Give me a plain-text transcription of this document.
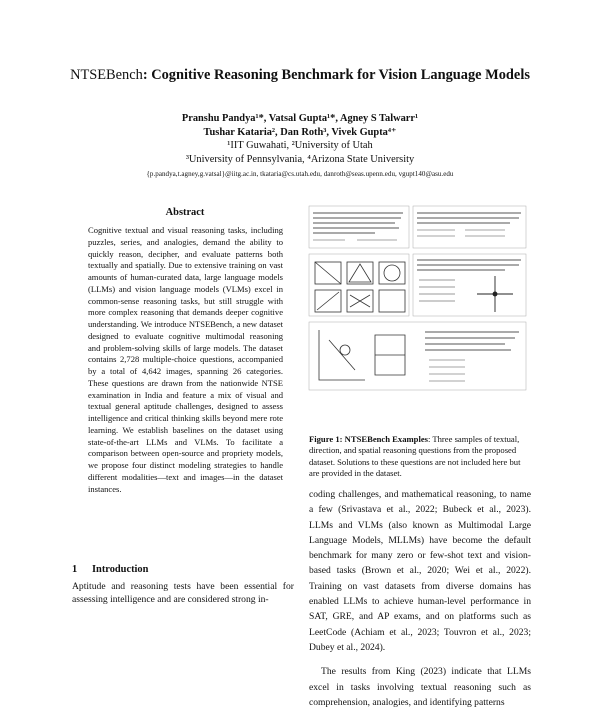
NTSEBench: Cognitive Reasoning Benchmark for Vision Language Models
Pranshu Pandya¹*, Vatsal Gupta¹*, Agney S Talwarr¹
Tushar Kataria², Dan Roth³, Vivek Gupta⁴⁺
¹IIT Guwahati, ²University of Utah
³University of Pennsylvania, ⁴Arizona State University
{p.pandya,t.agney,g.vatsal}@iitg.ac.in, tkataria@cs.utah.edu, danroth@seas.upenn.edu, vgupt140@asu.edu
Abstract

Cognitive textual and visual reasoning tasks, including puzzles, series, and analogies, demand the ability to quickly reason, decipher, and evaluate patterns both textually and spatially. Due to extensive training on vast amounts of human-curated data, large language models (LLMs) and vision language models (VLMs) excel in common-sense reasoning tasks, but still struggle with more complex reasoning that demands deeper cognitive understanding. We introduce NTSEBench, a new dataset designed to evaluate cognitive multimodal reasoning and problem-solving skills of large models. The dataset contains 2,728 multiple-choice questions, accompanied by a total of 4,642 images, spanning 26 categories. These questions are drawn from the nationwide NTSE examination in India and feature a mix of visual and textual general aptitude challenges, designed to assess intelligence and critical thinking skills beyond mere rote learning. We establish baselines on the dataset using state-of-the-art LLMs and VLMs. To facilitate a comparison between open-source and propriety models, we propose four distinct modeling strategies to handle different modalities—text and images—in the dataset instances.

1 Introduction

Aptitude and reasoning tests have been essential for assessing intelligence and are considered strong in-

Figure 1: NTSEBench Examples: Three samples of textual, direction, and spatial reasoning questions from the proposed dataset. Solutions to these questions are not included here but are provided in the dataset.

coding challenges, and mathematical reasoning, to name a few (Srivastava et al., 2022; Bubeck et al., 2023). LLMs and VLMs (also known as Multimodal Large Language Models, MLLMs) have become the default benchmark for many zero or few-shot text and vision-based tasks (Brown et al., 2020; Wei et al., 2022). Training on vast datasets from diverse domains has enabled LLMs to achieve human-level performance in SAT, GRE, and AP exams, and on platforms such as LeetCode (Achiam et al., 2023; Touvron et al., 2023; Dubey et al., 2024).

The results from King (2023) indicate that LLMs excel in tasks involving textual reasoning such as comprehension, analogies, and identifying patterns
